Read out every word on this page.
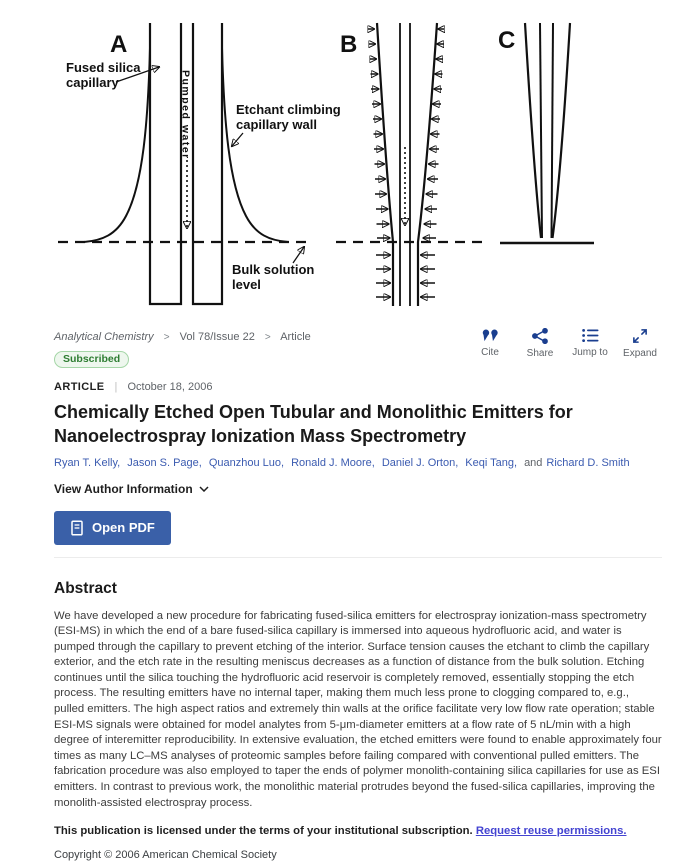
A
Pumped water
Fused silica
capillary
Etchant climbing
capillary wall
Bulk solution
level
B	C
Analytical Chemistry > Vol 78/Issue 22 > Article
Subscribed
Cite	Share Jump to Expand
ARTICLE | October 18, 2006
Chemically Etched Open Tubular and Monolithic Emitters for Nanoelectrospray Ionization Mass Spectrometry
Ryan T. Kelly, Jason S. Page, Quanzhou Luo, Ronald J. Moore, Daniel J. Orton, Keqi Tang, and Richard D. Smith
View Author Information
Open PDF
Abstract

We have developed a new procedure for fabricating fused-silica emitters for electrospray ionization-mass spectrometry (ESI-MS) in which the end of a bare fused-silica capillary is immersed into aqueous hydrofluoric acid, and water is pumped through the capillary to prevent etching of the interior. Surface tension causes the etchant to climb the capillary exterior, and the etch rate in the resulting meniscus decreases as a function of distance from the bulk solution. Etching continues until the silica touching the hydrofluoric acid reservoir is completely removed, essentially stopping the etch process. The resulting emitters have no internal taper, making them much less prone to clogging compared to, e.g., pulled emitters. The high aspect ratios and extremely thin walls at the orifice facilitate very low flow rate operation; stable ESI-MS signals were obtained for model analytes from 5-μm-diameter emitters at a flow rate of 5 nL/min with a high degree of interemitter reproducibility. In extensive evaluation, the etched emitters were found to enable approximately four times as many LC–MS analyses of proteomic samples before failing compared with conventional pulled emitters. The fabrication procedure was also employed to taper the ends of polymer monolith-containing silica capillaries for use as ESI emitters. In contrast to previous work, the monolithic material protrudes beyond the fused-silica capillaries, improving the monolith-assisted electrospray process.

This publication is licensed under the terms of your institutional subscription. Request reuse permissions.

Copyright © 2006 American Chemical Society
